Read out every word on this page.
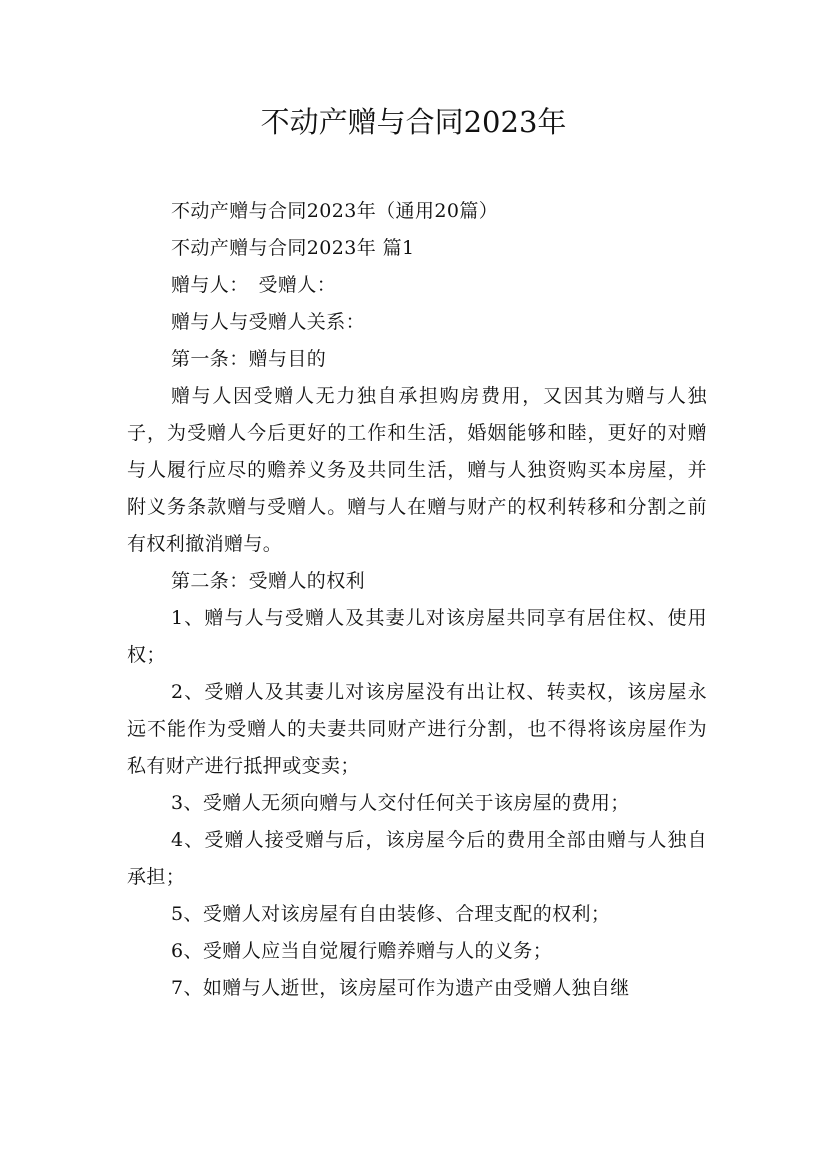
不动产赠与合同2023年

不动产赠与合同2023年（通用20篇）

不动产赠与合同2023年 篇1

赠与人：　受赠人：

赠与人与受赠人关系：

第一条：赠与目的

赠与人因受赠人无力独自承担购房费用，又因其为赠与人独子，为受赠人今后更好的工作和生活，婚姻能够和睦，更好的对赠与人履行应尽的赡养义务及共同生活，赠与人独资购买本房屋，并附义务条款赠与受赠人。赠与人在赠与财产的权利转移和分割之前有权利撤消赠与。

第二条：受赠人的权利

1、赠与人与受赠人及其妻儿对该房屋共同享有居住权、使用权；

2、受赠人及其妻儿对该房屋没有出让权、转卖权，该房屋永远不能作为受赠人的夫妻共同财产进行分割，也不得将该房屋作为私有财产进行抵押或变卖；

3、受赠人无须向赠与人交付任何关于该房屋的费用；

4、受赠人接受赠与后，该房屋今后的费用全部由赠与人独自承担；

5、受赠人对该房屋有自由装修、合理支配的权利；

6、受赠人应当自觉履行赡养赠与人的义务；

7、如赠与人逝世，该房屋可作为遗产由受赠人独自继
